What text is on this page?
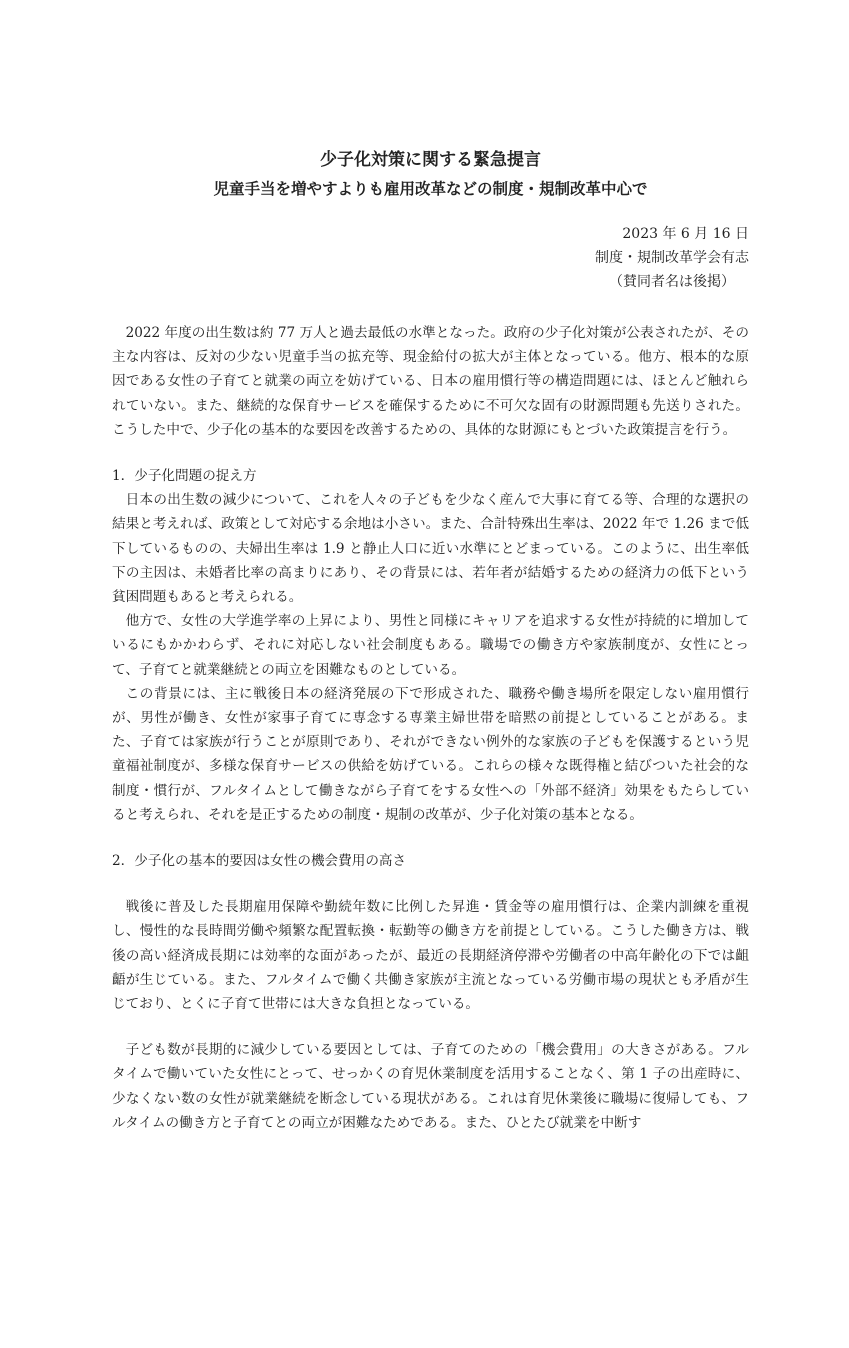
少子化対策に関する緊急提言
児童手当を増やすよりも雇用改革などの制度・規制改革中心で
2023 年 6 月 16 日
制度・規制改革学会有志
（賛同者名は後掲）

2022 年度の出生数は約 77 万人と過去最低の水準となった。政府の少子化対策が公表されたが、その主な内容は、反対の少ない児童手当の拡充等、現金給付の拡大が主体となっている。他方、根本的な原因である女性の子育てと就業の両立を妨げている、日本の雇用慣行等の構造問題には、ほとんど触れられていない。また、継続的な保育サービスを確保するために不可欠な固有の財源問題も先送りされた。こうした中で、少子化の基本的な要因を改善するための、具体的な財源にもとづいた政策提言を行う。

1．少子化問題の捉え方

日本の出生数の減少について、これを人々の子どもを少なく産んで大事に育てる等、合理的な選択の結果と考えれば、政策として対応する余地は小さい。また、合計特殊出生率は、2022 年で 1.26 まで低下しているものの、夫婦出生率は 1.9 と静止人口に近い水準にとどまっている。このように、出生率低下の主因は、未婚者比率の高まりにあり、その背景には、若年者が結婚するための経済力の低下という貧困問題もあると考えられる。

他方で、女性の大学進学率の上昇により、男性と同様にキャリアを追求する女性が持続的に増加しているにもかかわらず、それに対応しない社会制度もある。職場での働き方や家族制度が、女性にとって、子育てと就業継続との両立を困難なものとしている。

この背景には、主に戦後日本の経済発展の下で形成された、職務や働き場所を限定しない雇用慣行が、男性が働き、女性が家事子育てに専念する専業主婦世帯を暗黙の前提としていることがある。また、子育ては家族が行うことが原則であり、それができない例外的な家族の子どもを保護するという児童福祉制度が、多様な保育サービスの供給を妨げている。これらの様々な既得権と結びついた社会的な制度・慣行が、フルタイムとして働きながら子育てをする女性への「外部不経済」効果をもたらしていると考えられ、それを是正するための制度・規制の改革が、少子化対策の基本となる。

2．少子化の基本的要因は女性の機会費用の高さ

戦後に普及した長期雇用保障や勤続年数に比例した昇進・賃金等の雇用慣行は、企業内訓練を重視し、慢性的な長時間労働や頻繁な配置転換・転勤等の働き方を前提としている。こうした働き方は、戦後の高い経済成長期には効率的な面があったが、最近の長期経済停滞や労働者の中高年齢化の下では齟齬が生じている。また、フルタイムで働く共働き家族が主流となっている労働市場の現状とも矛盾が生じており、とくに子育て世帯には大きな負担となっている。

子ども数が長期的に減少している要因としては、子育てのための「機会費用」の大きさがある。フルタイムで働いていた女性にとって、せっかくの育児休業制度を活用することなく、第 1 子の出産時に、少なくない数の女性が就業継続を断念している現状がある。これは育児休業後に職場に復帰しても、フルタイムの働き方と子育てとの両立が困難なためである。また、ひとたび就業を中断す
